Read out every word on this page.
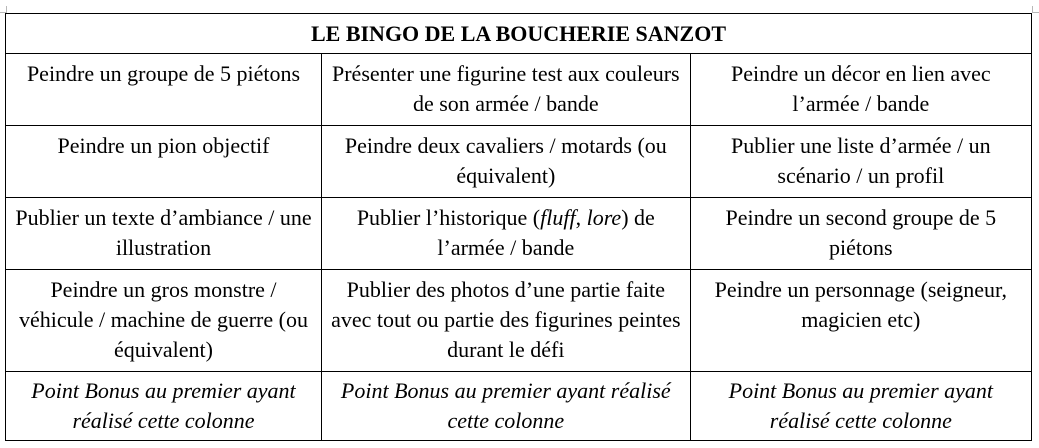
LE BINGO DE LA BOUCHERIE SANZOT		
Peindre un groupe de 5 piétons	Présenter une figurine test aux couleurs de son armée / bande	Peindre un décor en lien avec l’armée / bande
Peindre un pion objectif	Peindre deux cavaliers / motards (ou équivalent)	Publier une liste d’armée / un scénario / un profil
Publier un texte d’ambiance / une illustration	Publier l’historique (fluff, lore) de l’armée / bande	Peindre un second groupe de 5 piétons
Peindre un gros monstre / véhicule / machine de guerre (ou équivalent)	Publier des photos d’une partie faite avec tout ou partie des figurines peintes durant le défi	Peindre un personnage (seigneur, magicien etc)
Point Bonus au premier ayant réalisé cette colonne	Point Bonus au premier ayant réalisé cette colonne	Point Bonus au premier ayant réalisé cette colonne
